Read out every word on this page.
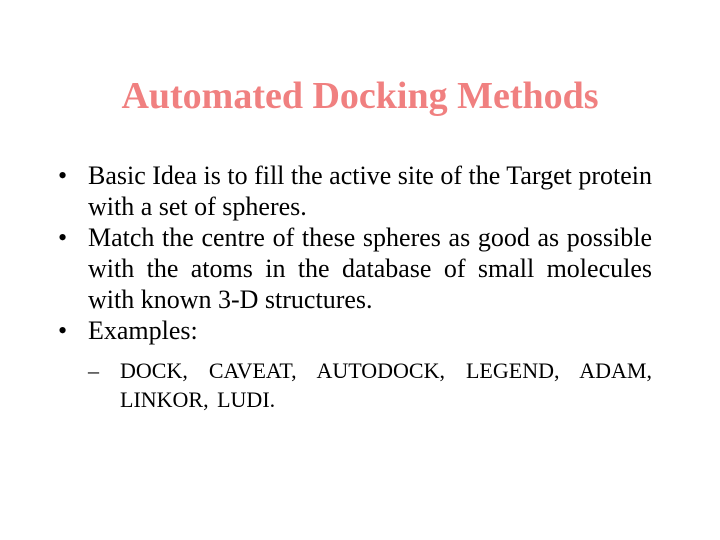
Automated Docking Methods
• Basic Idea is to fill the active site of the Target protein with a set of spheres.
• Match the centre of these spheres as good as possible with the atoms in the database of small molecules with known 3-D structures.
• Examples:
– DOCK, CAVEAT, AUTODOCK, LEGEND, ADAM, LINKOR, LUDI.
